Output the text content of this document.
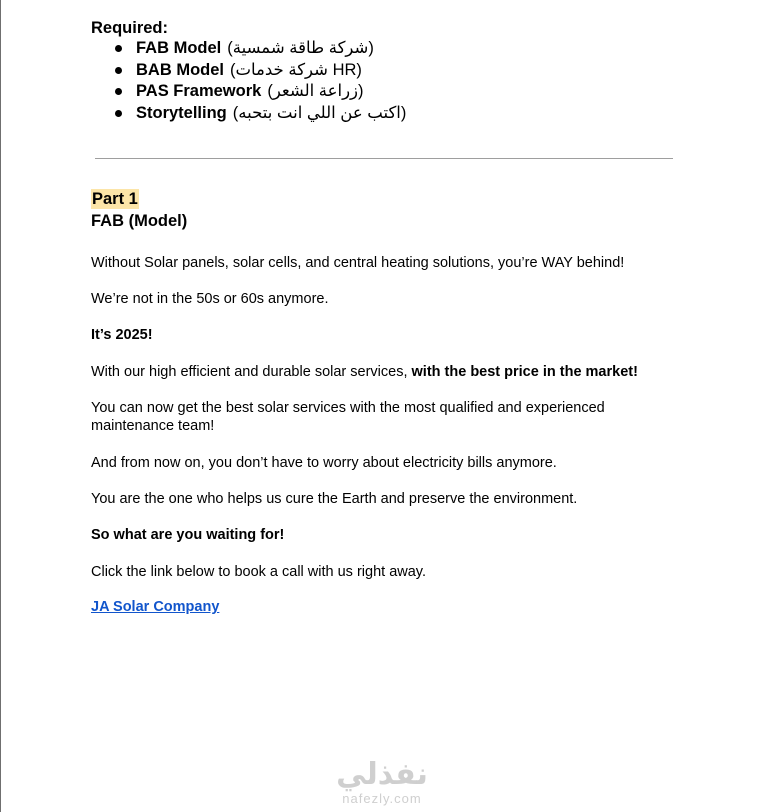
Required:
FAB Model (شركة طاقة شمسية)
BAB Model (شركة خدمات HR)
PAS Framework (زراعة الشعر)
Storytelling (اكتب عن اللي انت بتحبه)
Part 1
FAB (Model)

Without Solar panels, solar cells, and central heating solutions, you’re WAY behind!

We’re not in the 50s or 60s anymore.

It’s 2025!

With our high efficient and durable solar services, with the best price in the market!

You can now get the best solar services with the most qualified and experienced maintenance team!

And from now on, you don’t have to worry about electricity bills anymore.

You are the one who helps us cure the Earth and preserve the environment.

So what are you waiting for!

Click the link below to book a call with us right away.

JA Solar Company
نفذلي
nafezly.com
